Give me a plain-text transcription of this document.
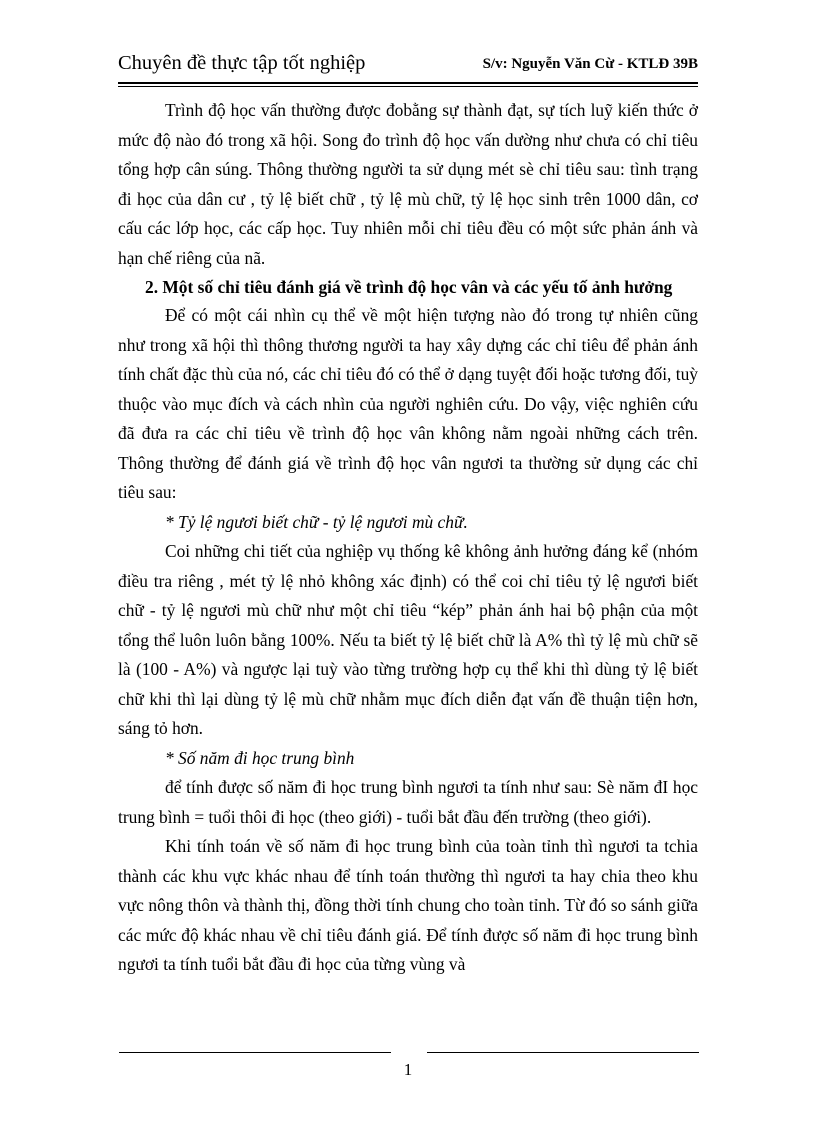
Chuyên đề thực tập tốt nghiệp	S/v: Nguyễn Văn Cừ - KTLĐ 39B

Trình độ học vấn thường được đobằng sự thành đạt, sự tích luỹ kiến thức ở mức độ nào đó trong xã hội. Song đo trình độ học vấn dường như chưa có chỉ tiêu tổng hợp cân súng. Thông thường người ta sử dụng mét sè chỉ tiêu sau: tình trạng đi học của dân cư , tỷ lệ biết chữ , tỷ lệ mù chữ, tỷ lệ học sinh trên 1000 dân, cơ cấu các lớp học, các cấp học. Tuy nhiên mỗi chỉ tiêu đều có một sức phản ánh và hạn chế riêng của nã.

2. Một số chỉ tiêu đánh giá về trình độ học vân và các yếu tố ảnh hưởng

Để có một cái nhìn cụ thể về một hiện tượng nào đó trong tự nhiên cũng như trong xã hội thì thông thương người ta hay xây dựng các chỉ tiêu để phản ánh tính chất đặc thù của nó, các chỉ tiêu đó có thể ở dạng tuyệt đối hoặc tương đối, tuỳ thuộc vào mục đích và cách nhìn của người nghiên cứu. Do vậy, việc nghiên cứu đã đưa ra các chỉ tiêu về trình độ học vân không nằm ngoài những cách trên. Thông thường để đánh giá về trình độ học vân ngươi ta thường sử dụng các chỉ tiêu sau:

* Tỷ lệ ngươi biết chữ - tỷ lệ ngươi mù chữ.

Coi những chi tiết của nghiệp vụ thống kê không ảnh hưởng đáng kể (nhóm điều tra riêng , mét tỷ lệ nhỏ không xác định) có thể coi chỉ tiêu tỷ lệ ngươi biết chữ - tỷ lệ ngươi mù chữ như một chỉ tiêu “kép” phản ánh hai bộ phận của một tổng thể luôn luôn bằng 100%. Nếu ta biết tỷ lệ biết chữ là A% thì tỷ lệ mù chữ sẽ là (100 - A%) và ngược lại tuỳ vào từng trường hợp cụ thể khi thì dùng tỷ lệ biết chữ khi thì lại dùng tỷ lệ mù chữ nhằm mục đích diễn đạt vấn đề thuận tiện hơn, sáng tỏ hơn.

* Số năm đi học trung bình

để tính được số năm đi học trung bình ngươi ta tính như sau: Sè năm đI học trung bình = tuổi thôi đi học (theo giới) - tuổi bắt đầu đến trường (theo giới).

Khi tính toán về số năm đi học trung bình của toàn tỉnh thì ngươi ta tchia thành các khu vực khác nhau để tính toán thường thì ngươi ta hay chia theo khu vực nông thôn và thành thị, đồng thời tính chung cho toàn tỉnh. Từ đó so sánh giữa các mức độ khác nhau về chỉ tiêu đánh giá. Để tính được số năm đi học trung bình ngươi ta tính tuổi bắt đầu đi học của từng vùng và

1
